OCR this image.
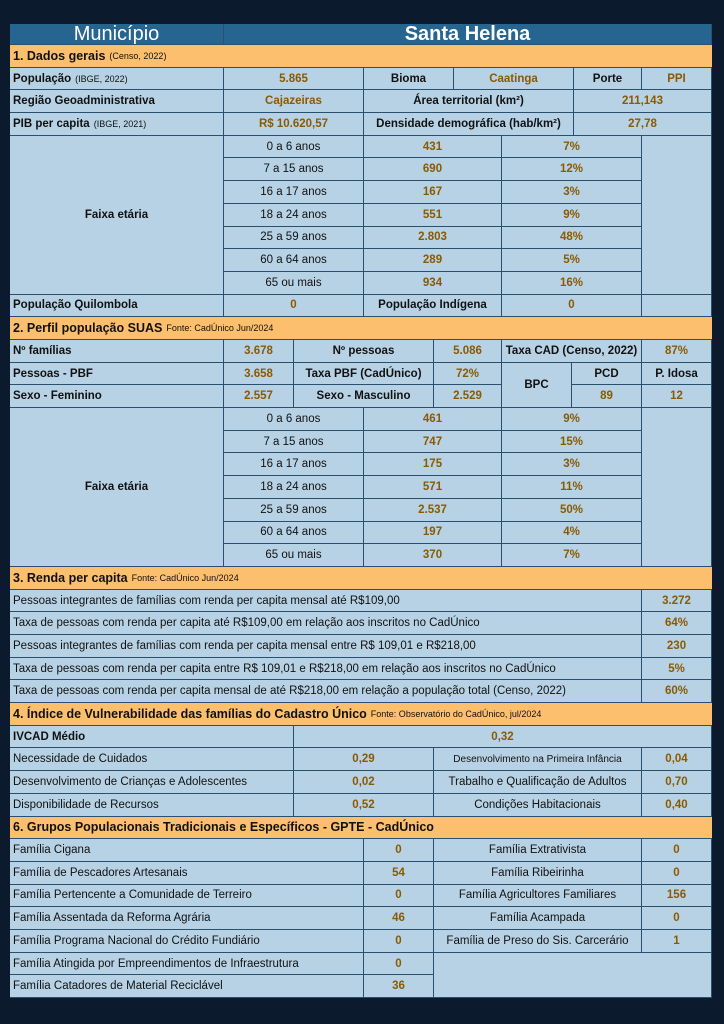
Município	Santa Helena
1. Dados gerais (Censo, 2022)
População (IBGE, 2022)	5.865	Bioma	Caatinga	Porte	PPI
Região Geoadministrativa	Cajazeiras	Área territorial (km²)	211,143
PIB per capita (IBGE, 2021)	R$ 10.620,57	Densidade demográfica (hab/km²)	27,78
Faixa etária
0 a 6 anos	431	7%
7 a 15 anos	690	12%
16 a 17 anos	167	3%
18 a 24 anos	551	9%
25 a 59 anos	2.803	48%
60 a 64 anos	289	5%
65 ou mais	934	16%
População Quilombola	0	População Indígena	0
2. Perfil população SUAS Fonte: CadÚnico Jun/2024
Nº famílias	3.678	Nº pessoas	5.086	Taxa CAD (Censo, 2022)	87%
Pessoas - PBF	3.658	Taxa PBF (CadÚnico)	72%
Sexo - Feminino	2.557	Sexo - Masculino	2.529
BPC
PCD	P. Idosa
89	12
Faixa etária
0 a 6 anos	461	9%
7 a 15 anos	747	15%
16 a 17 anos	175	3%
18 a 24 anos	571	11%
25 a 59 anos	2.537	50%
60 a 64 anos	197	4%
65 ou mais	370	7%
3. Renda per capita Fonte: CadÚnico Jun/2024
Pessoas integrantes de famílias com renda per capita mensal até R$109,00	3.272
Taxa de pessoas com renda per capita até R$109,00 em relação aos inscritos no CadÚnico	64%
Pessoas integrantes de famílias com renda per capita mensal entre R$ 109,01 e R$218,00	230
Taxa de pessoas com renda per capita entre R$ 109,01 e R$218,00 em relação aos inscritos no CadÚnico	5%
Taxa de pessoas com renda per capita mensal de até R$218,00 em relação a população total (Censo, 2022)	60%
4. Índice de Vulnerabilidade das famílias do Cadastro Único Fonte: Observatório do CadÚnico, jul/2024
IVCAD Médio	0,32
Necessidade de Cuidados	0,29	Desenvolvimento na Primeira Infância	0,04
Desenvolvimento de Crianças e Adolescentes	0,02	Trabalho e Qualificação de Adultos	0,70
Disponibilidade de Recursos	0,52	Condições Habitacionais	0,40
6. Grupos Populacionais Tradicionais e Específicos - GPTE - CadÚnico
Família Cigana	0	Família Extrativista	0
Família de Pescadores Artesanais	54	Família Ribeirinha	0
Família Pertencente a Comunidade de Terreiro	0	Família Agricultores Familiares	156
Família Assentada da Reforma Agrária	46	Família Acampada	0
Família Programa Nacional do Crédito Fundiário	0	Família de Preso do Sis. Carcerário	1
Família Atingida por Empreendimentos de Infraestrutura	0
Família Catadores de Material Reciclável	36
